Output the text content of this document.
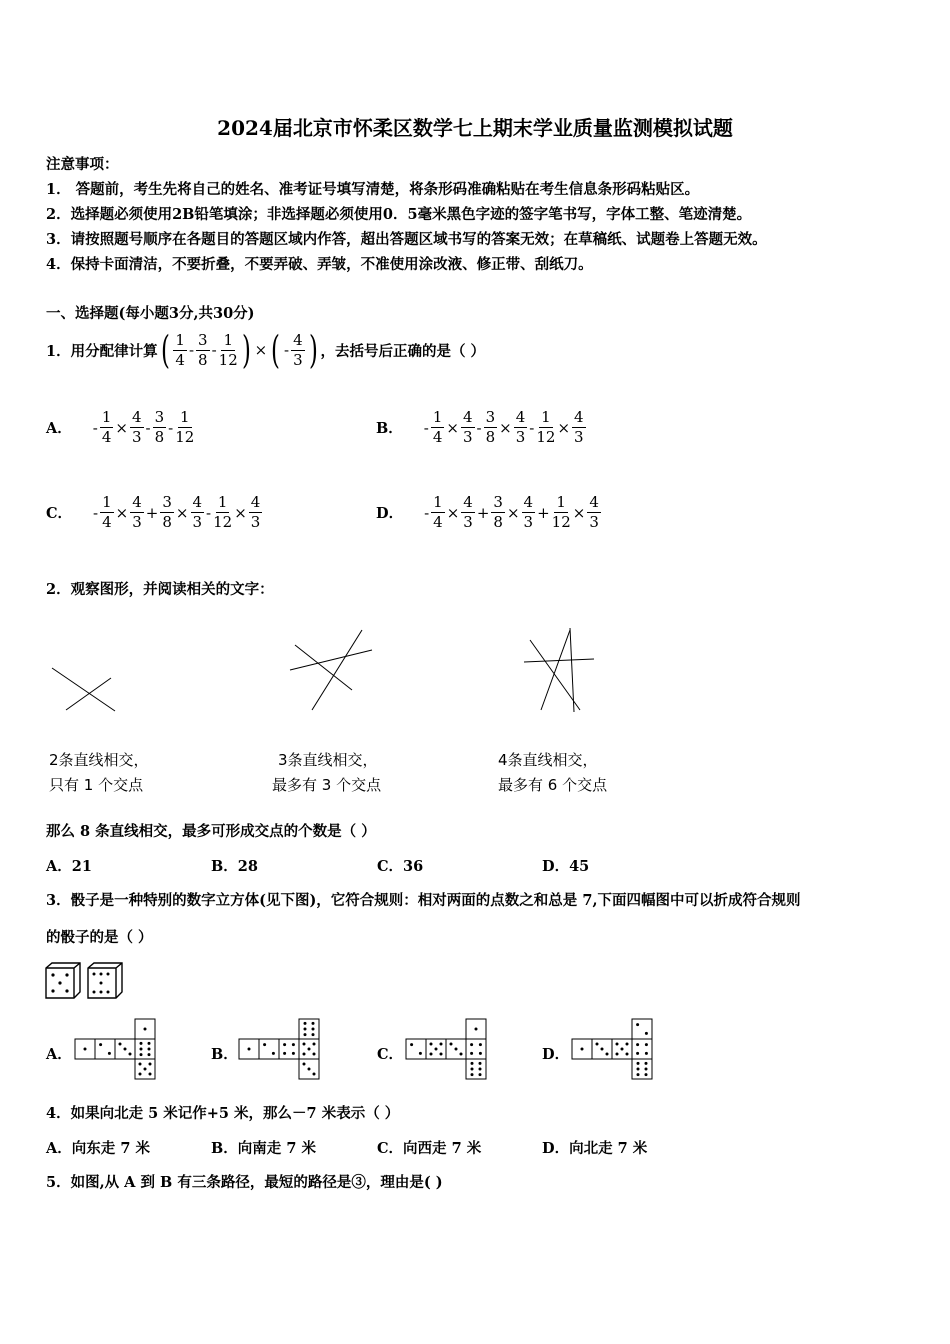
2024届北京市怀柔区数学七上期末学业质量监测模拟试题
注意事项：
1． 答题前，考生先将自己的姓名、准考证号填写清楚，将条形码准确粘贴在考生信息条形码粘贴区。
2．选择题必须使用2B铅笔填涂；非选择题必须使用0．5毫米黑色字迹的签字笔书写，字体工整、笔迹清楚。
3．请按照题号顺序在各题目的答题区域内作答，超出答题区域书写的答案无效；在草稿纸、试题卷上答题无效。
4．保持卡面清洁，不要折叠，不要弄破、弄皱，不准使用涂改液、修正带、刮纸刀。
一、选择题(每小题3分,共30分)
1．用分配律计算 ( $\frac{1}{4} - \frac{3}{8} - \frac{1}{12}$ ) × ( - $\frac{4}{3}$ ) ，去括号后正确的是（ ）
A． - $\frac{1}{4} \times \frac{4}{3} - \frac{3}{8} - \frac{1}{12}$	B． - $\frac{1}{4} \times \frac{4}{3} - \frac{3}{8} \times \frac{4}{3} - \frac{1}{12} \times \frac{4}{3}$
C． - $\frac{1}{4} \times \frac{4}{3} + \frac{3}{8} \times \frac{4}{3} - \frac{1}{12} \times \frac{4}{3}$	D． - $\frac{1}{4} \times \frac{4}{3} + \frac{3}{8} \times \frac{4}{3} + \frac{1}{12} \times \frac{4}{3}$
2．观察图形，并阅读相关的文字：
2条直线相交，
只有 1 个交点
3条直线相交，
最多有 3 个交点
4条直线相交，
最多有 6 个交点
那么 8 条直线相交，最多可形成交点的个数是（ ）
A．21	B．28	C．36	D．45
3．骰子是一种特别的数字立方体(见下图)，它符合规则：相对两面的点数之和总是 7,下面四幅图中可以折成符合规则
的骰子的是（ ）
A．	B．	C．	D．
4．如果向北走 5 米记作+5 米，那么－7 米表示（ ）
A．向东走 7 米	B．向南走 7 米	C．向西走 7 米	D．向北走 7 米
5．如图,从 A 到 B 有三条路径，最短的路径是③，理由是( )
